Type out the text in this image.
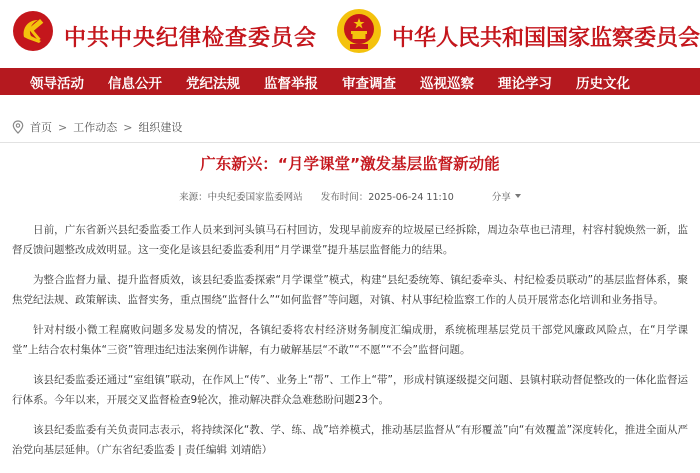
中共中央纪律检查委员会	中华人民共和国国家监察委员会
领导活动 信息公开 党纪法规 监督举报 审查调查 巡视巡察 理论学习 历史文化
首页 > 工作动态 > 组织建设
广东新兴：“月学课堂”激发基层监督新动能
来源：中央纪委国家监委网站 发布时间：2025-06-24 11:10	分享

日前，广东省新兴县纪委监委工作人员来到河头镇马石村回访，发现早前废弃的垃圾屋已经拆除，周边杂草也已清理，村容村貌焕然一新，监督反馈问题整改成效明显。这一变化是该县纪委监委利用“月学课堂”提升基层监督能力的结果。

为整合监督力量、提升监督质效，该县纪委监委探索“月学课堂”模式，构建“县纪委统筹、镇纪委牵头、村纪检委员联动”的基层监督体系，聚焦党纪法规、政策解读、监督实务，重点围绕“监督什么”“如何监督”等问题，对镇、村从事纪检监察工作的人员开展常态化培训和业务指导。

针对村级小微工程腐败问题多发易发的情况，各镇纪委将农村经济财务制度汇编成册，系统梳理基层党员干部党风廉政风险点，在“月学课堂”上结合农村集体“三资”管理违纪违法案例作讲解，有力破解基层“不敢”“不愿”“不会”监督问题。

该县纪委监委还通过“室组镇”联动，在作风上“传”、业务上“帮”、工作上“带”，形成村镇逐级提交问题、县镇村联动督促整改的一体化监督运行体系。今年以来，开展交叉监督检查9轮次，推动解决群众急难愁盼问题23个。

该县纪委监委有关负责同志表示，将持续深化“教、学、练、战”培养模式，推动基层监督从“有形覆盖”向“有效覆盖”深度转化，推进全面从严治党向基层延伸。（广东省纪委监委 | 责任编辑 刘靖皓）
